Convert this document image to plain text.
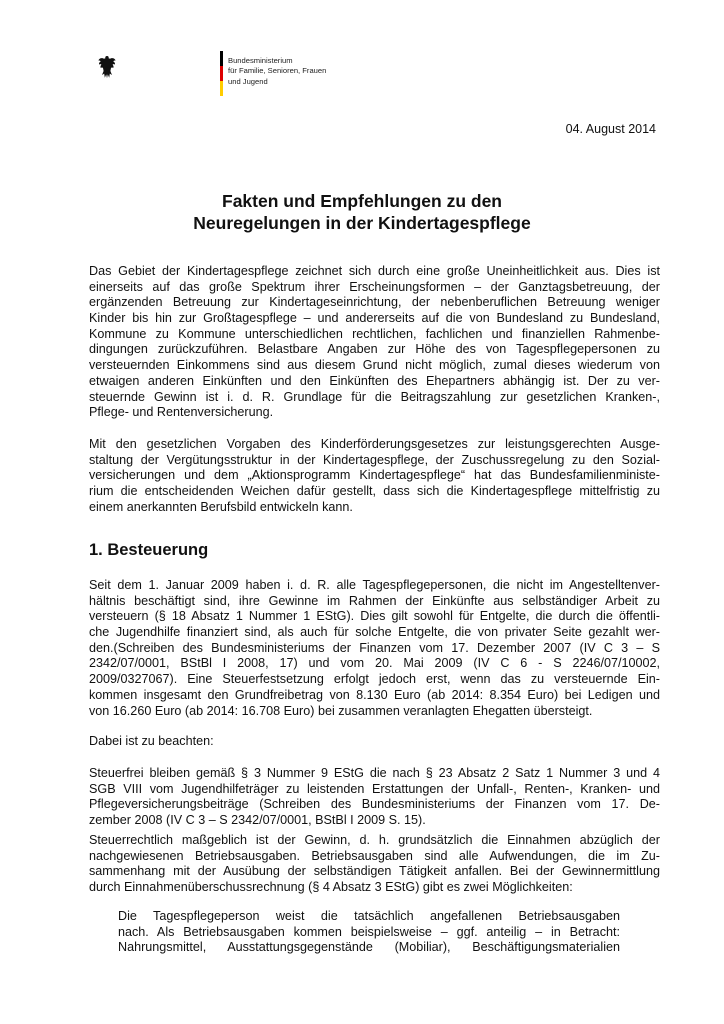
Bundesministerium
für Familie, Senioren, Frauen
und Jugend
04. August 2014
Fakten und Empfehlungen zu den
Neuregelungen in der Kindertagespflege
Das Gebiet der Kindertagespflege zeichnet sich durch eine große Uneinheitlichkeit aus. Dies ist
einerseits auf das große Spektrum ihrer Erscheinungsformen – der Ganztagsbetreuung, der
ergänzenden Betreuung zur Kindertageseinrichtung, der nebenberuflichen Betreuung weniger
Kinder bis hin zur Großtagespflege – und andererseits auf die von Bundesland zu Bundesland,
Kommune zu Kommune unterschiedlichen rechtlichen, fachlichen und finanziellen Rahmenbe-
dingungen zurückzuführen. Belastbare Angaben zur Höhe des von Tagespflegepersonen zu
versteuernden Einkommens sind aus diesem Grund nicht möglich, zumal dieses wiederum von
etwaigen anderen Einkünften und den Einkünften des Ehepartners abhängig ist. Der zu ver-
steuernde Gewinn ist i. d. R. Grundlage für die Beitragszahlung zur gesetzlichen Kranken-,
Pflege- und Rentenversicherung.
Mit den gesetzlichen Vorgaben des Kinderförderungsgesetzes zur leistungsgerechten Ausge-
staltung der Vergütungsstruktur in der Kindertagespflege, der Zuschussregelung zu den Sozial-
versicherungen und dem „Aktionsprogramm Kindertagespflege“ hat das Bundesfamilienministe-
rium die entscheidenden Weichen dafür gestellt, dass sich die Kindertagespflege mittelfristig zu
einem anerkannten Berufsbild entwickeln kann.
1. Besteuerung
Seit dem 1. Januar 2009 haben i. d. R. alle Tagespflegepersonen, die nicht im Angestelltenver-
hältnis beschäftigt sind, ihre Gewinne im Rahmen der Einkünfte aus selbständiger Arbeit zu
versteuern (§ 18 Absatz 1 Nummer 1 EStG). Dies gilt sowohl für Entgelte, die durch die öffentli-
che Jugendhilfe finanziert sind, als auch für solche Entgelte, die von privater Seite gezahlt wer-
den.(Schreiben des Bundesministeriums der Finanzen vom 17. Dezember 2007 (IV C 3 – S
2342/07/0001, BStBl I 2008, 17) und vom 20. Mai 2009 (IV C 6 - S 2246/07/10002,
2009/0327067). Eine Steuerfestsetzung erfolgt jedoch erst, wenn das zu versteuernde Ein-
kommen insgesamt den Grundfreibetrag von 8.130 Euro (ab 2014: 8.354 Euro) bei Ledigen und
von 16.260 Euro (ab 2014: 16.708 Euro) bei zusammen veranlagten Ehegatten übersteigt.
Dabei ist zu beachten:
Steuerfrei bleiben gemäß § 3 Nummer 9 EStG die nach § 23 Absatz 2 Satz 1 Nummer 3 und 4
SGB VIII vom Jugendhilfeträger zu leistenden Erstattungen der Unfall-, Renten-, Kranken- und
Pflegeversicherungsbeiträge (Schreiben des Bundesministeriums der Finanzen vom 17. De-
zember 2008 (IV C 3 – S 2342/07/0001, BStBl I 2009 S. 15).
Steuerrechtlich maßgeblich ist der Gewinn, d. h. grundsätzlich die Einnahmen abzüglich der
nachgewiesenen Betriebsausgaben. Betriebsausgaben sind alle Aufwendungen, die im Zu-
sammenhang mit der Ausübung der selbständigen Tätigkeit anfallen. Bei der Gewinnermittlung
durch Einnahmenüberschussrechnung (§ 4 Absatz 3 EStG) gibt es zwei Möglichkeiten:
Die Tagespflegeperson weist die tatsächlich angefallenen Betriebsausgaben
nach. Als Betriebsausgaben kommen beispielsweise – ggf. anteilig – in Betracht:
Nahrungsmittel, Ausstattungsgegenstände (Mobiliar), Beschäftigungsmaterialien
